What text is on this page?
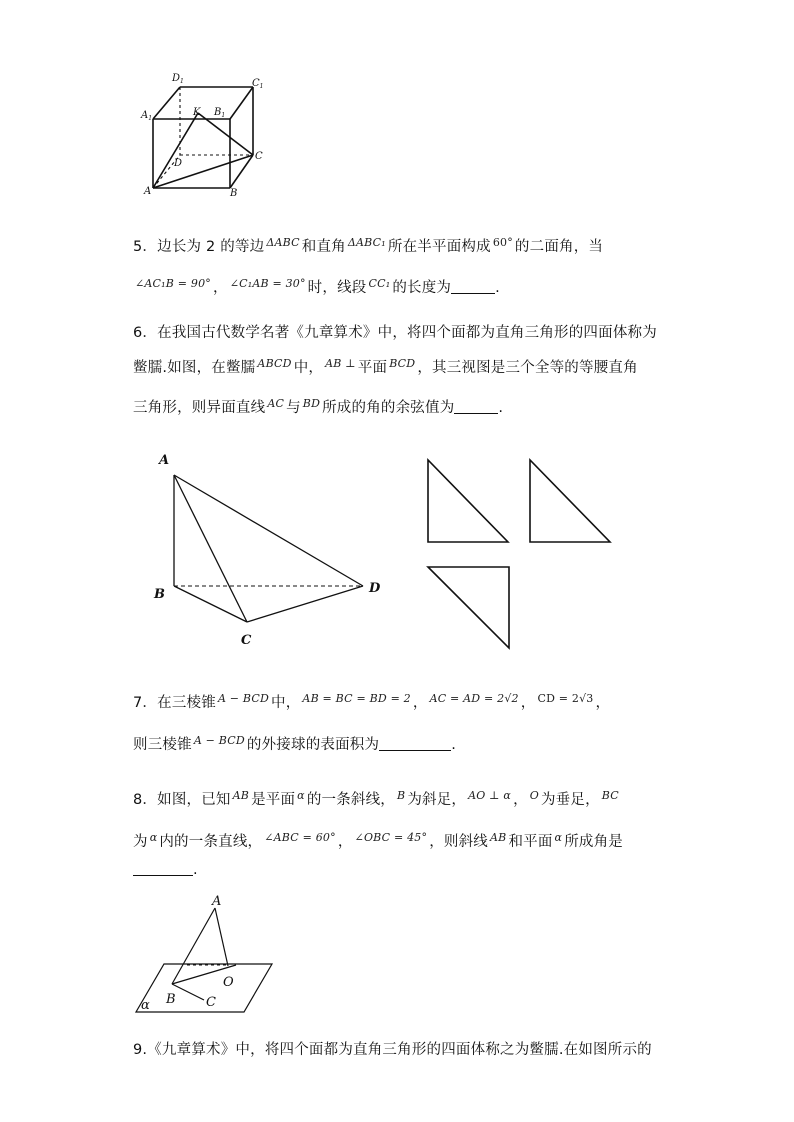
$D_1$	$C_1$
$A_1$
K $B_1$
D
C
A	B
5．边长为 2 的等边 $^{\Delta ABC}$ 和直角 $^{\Delta ABC_1}$ 所在半平面构成 $^{60^\circ}$ 的二面角，当
$^{\angle AC_1B = 90^\circ}$ ， $^{\angle C_1AB = 30^\circ}$ 时，线段 $^{CC_1}$ 的长度为	.
6．在我国古代数学名著《九章算术》中，将四个面都为直角三角形的四面体称为
鳖臑.如图，在鳖臑 $^{ABCD}$ 中， $^{AB \perp}$ 平面 $^{BCD}$ ，其三视图是三个全等的等腰直角
三角形，则异面直线 $^{AC}$ 与 $^{BD}$ 所成的角的余弦值为	.
A
B
C
D
7．在三棱锥 $^{A - BCD}$ 中， $^{AB = BC = BD = 2}$ ， $^{AC = AD = 2√2}$ ， $^{CD = 2√3}$ ，
则三棱锥 $^{A - BCD}$ 的外接球的表面积为	.
8．如图，已知 $^{AB}$ 是平面 $^\alpha$ 的一条斜线， $^B$ 为斜足， $^{AO \perp \alpha}$ ， $^O$ 为垂足， $^{BC}$
为 $^\alpha$ 内的一条直线， $^{\angle ABC = 60^\circ}$ ， $^{\angle OBC = 45^\circ}$ ，则斜线 $^{AB}$ 和平面 $^\alpha$ 所成角是
.
A
O
B C
α
9.《九章算术》中，将四个面都为直角三角形的四面体称之为鳖臑.在如图所示的
